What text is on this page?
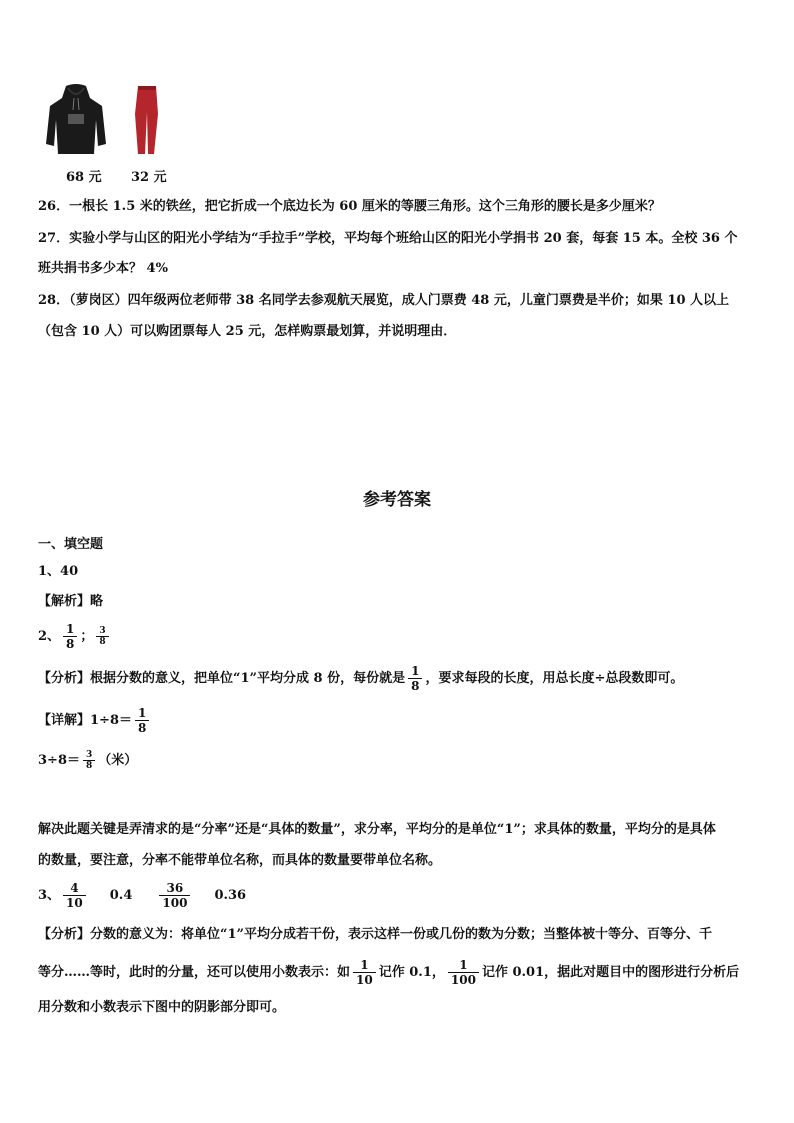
68 元 32 元
26．一根长 1.5 米的铁丝，把它折成一个底边长为 60 厘米的等腰三角形。这个三角形的腰长是多少厘米？
27．实验小学与山区的阳光小学结为“手拉手”学校，平均每个班给山区的阳光小学捐书 20 套，每套 15 本。全校 36 个
班共捐书多少本？ 4%
28．（萝岗区）四年级两位老师带 38 名同学去参观航天展览，成人门票费 48 元，儿童门票费是半价；如果 10 人以上
（包含 10 人）可以购团票每人 25 元，怎样购票最划算，并说明理由．
参考答案
一、填空题
1、40
【解析】略
2、 $\frac{1}{8}$ ； $\frac{3}{8}$
【分析】根据分数的意义，把单位“1”平均分成 8 份，每份就是 $\frac{1}{8}$ ，要求每段的长度，用总长度÷总段数即可。
【详解】$1\div 8= \frac{1}{8}$
$3\div 8= \frac{3}{8}$ （米）
解决此题关键是弄清求的是“分率”还是“具体的数量”，求分率，平均分的是单位“1”；求具体的数量，平均分的是具体
的数量，要注意，分率不能带单位名称，而具体的数量要带单位名称。
3、 $\frac{4}{10} 0.4 \frac{36}{100} 0.36$
【分析】分数的意义为：将单位“1”平均分成若干份，表示这样一份或几份的数为分数；当整体被十等分、百等分、千
等分……等时，此时的分量，还可以使用小数表示：如 $\frac{1}{10}$ 记作 0.1， $\frac{1}{100}$ 记作 0.01，据此对题目中的图形进行分析后
用分数和小数表示下图中的阴影部分即可。
